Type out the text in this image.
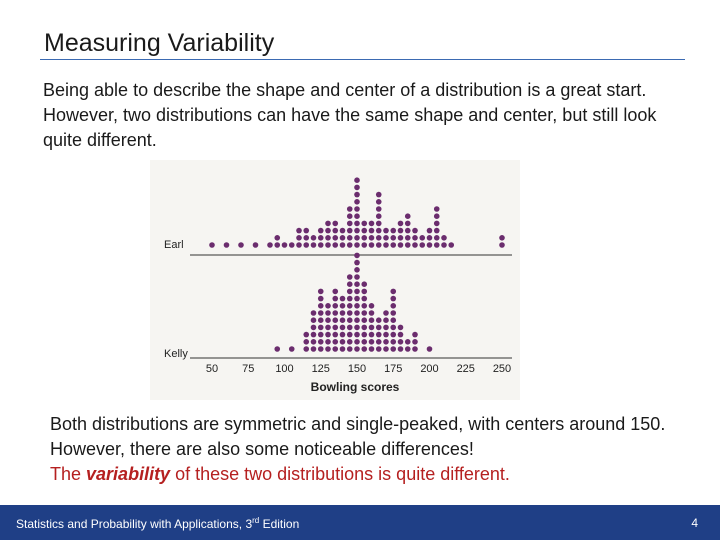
Measuring Variability
Being able to describe the shape and center of a distribution is a great start. However, two distributions can have the same shape and center, but still look quite different.
Earl
Kelly
50 75 100 125 150 175 200 225 250
Bowling scores
Both distributions are symmetric and single-peaked, with centers around 150. However, there are also some noticeable differences!
The variability of these two distributions is quite different.
Statistics and Probability with Applications, 3rd Edition	4
